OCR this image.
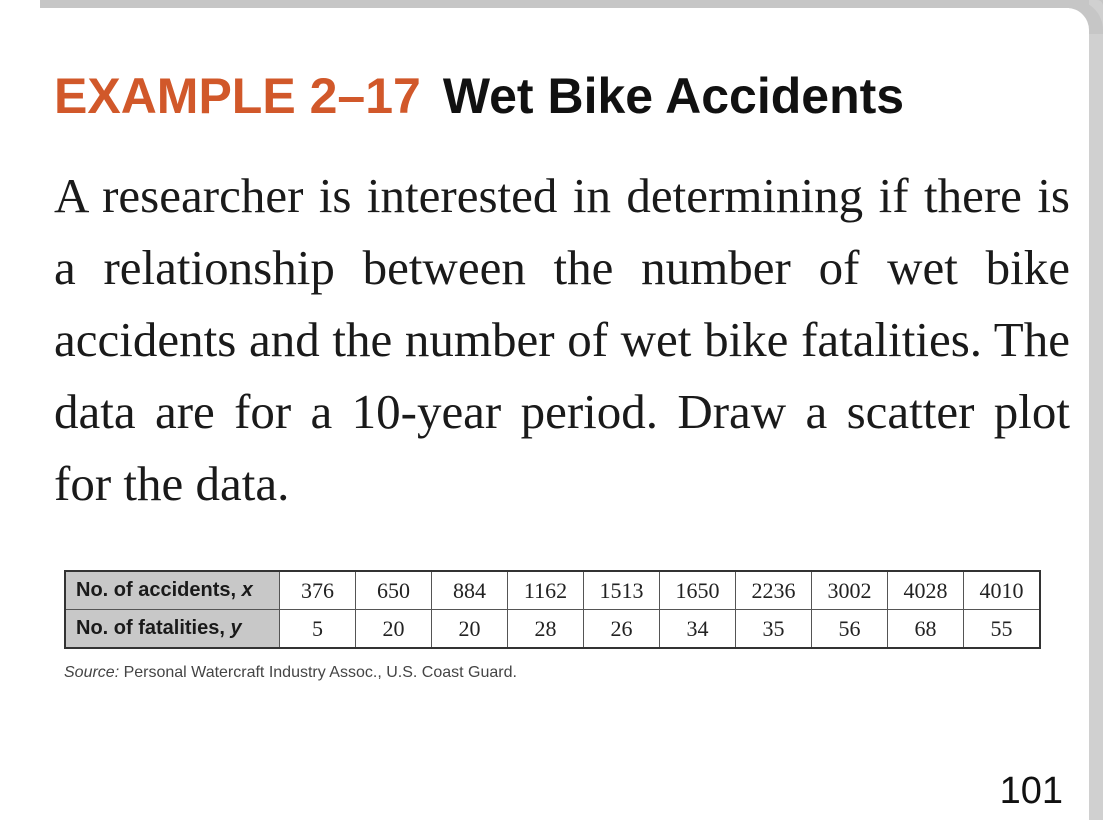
EXAMPLE 2–17 Wet Bike Accidents
A researcher is interested in determining if there is a relationship between the number of wet bike accidents and the number of wet bike fatalities. The data are for a 10-year period. Draw a scatter plot for the data.
No. of accidents, x	376	650	884	1162	1513	1650	2236	3002	4028	4010
No. of fatalities, y	5	20	20	28	26	34	35	56	68	55
Source: Personal Watercraft Industry Assoc., U.S. Coast Guard.
101
